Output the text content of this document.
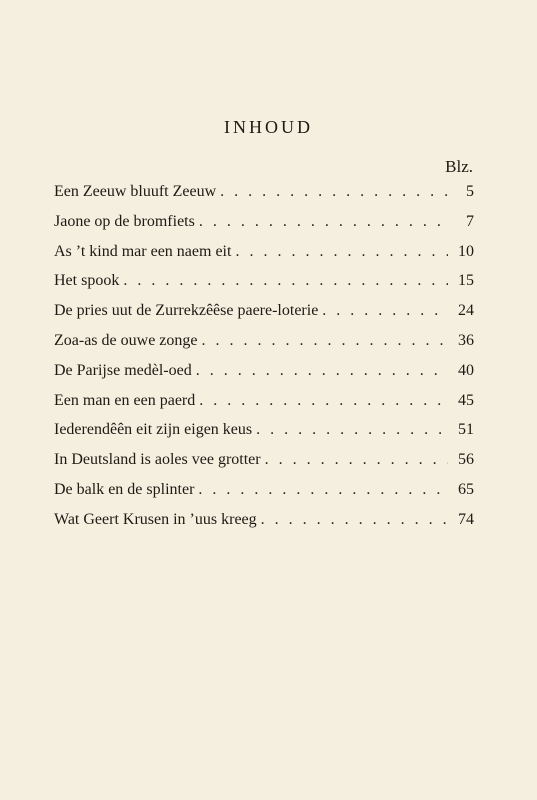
INHOUD
Blz.
Een Zeeuw bluuft Zeeuw . . .	5
Jaone op de bromfiets . . .	7
As ’t kind mar een naem eit . . .	10
Het spook . . .	15
De pries uut de Zurrekzêêse paere-loterie . . .	24
Zoa-as de ouwe zonge . . .	36
De Parijse medèl-oed . . .	40
Een man en een paerd . . .	45
Iederendêên eit zijn eigen keus . . .	51
In Deutsland is aoles vee grotter . . .	56
De balk en de splinter . . .	65
Wat Geert Krusen in ’uus kreeg . . .	74
